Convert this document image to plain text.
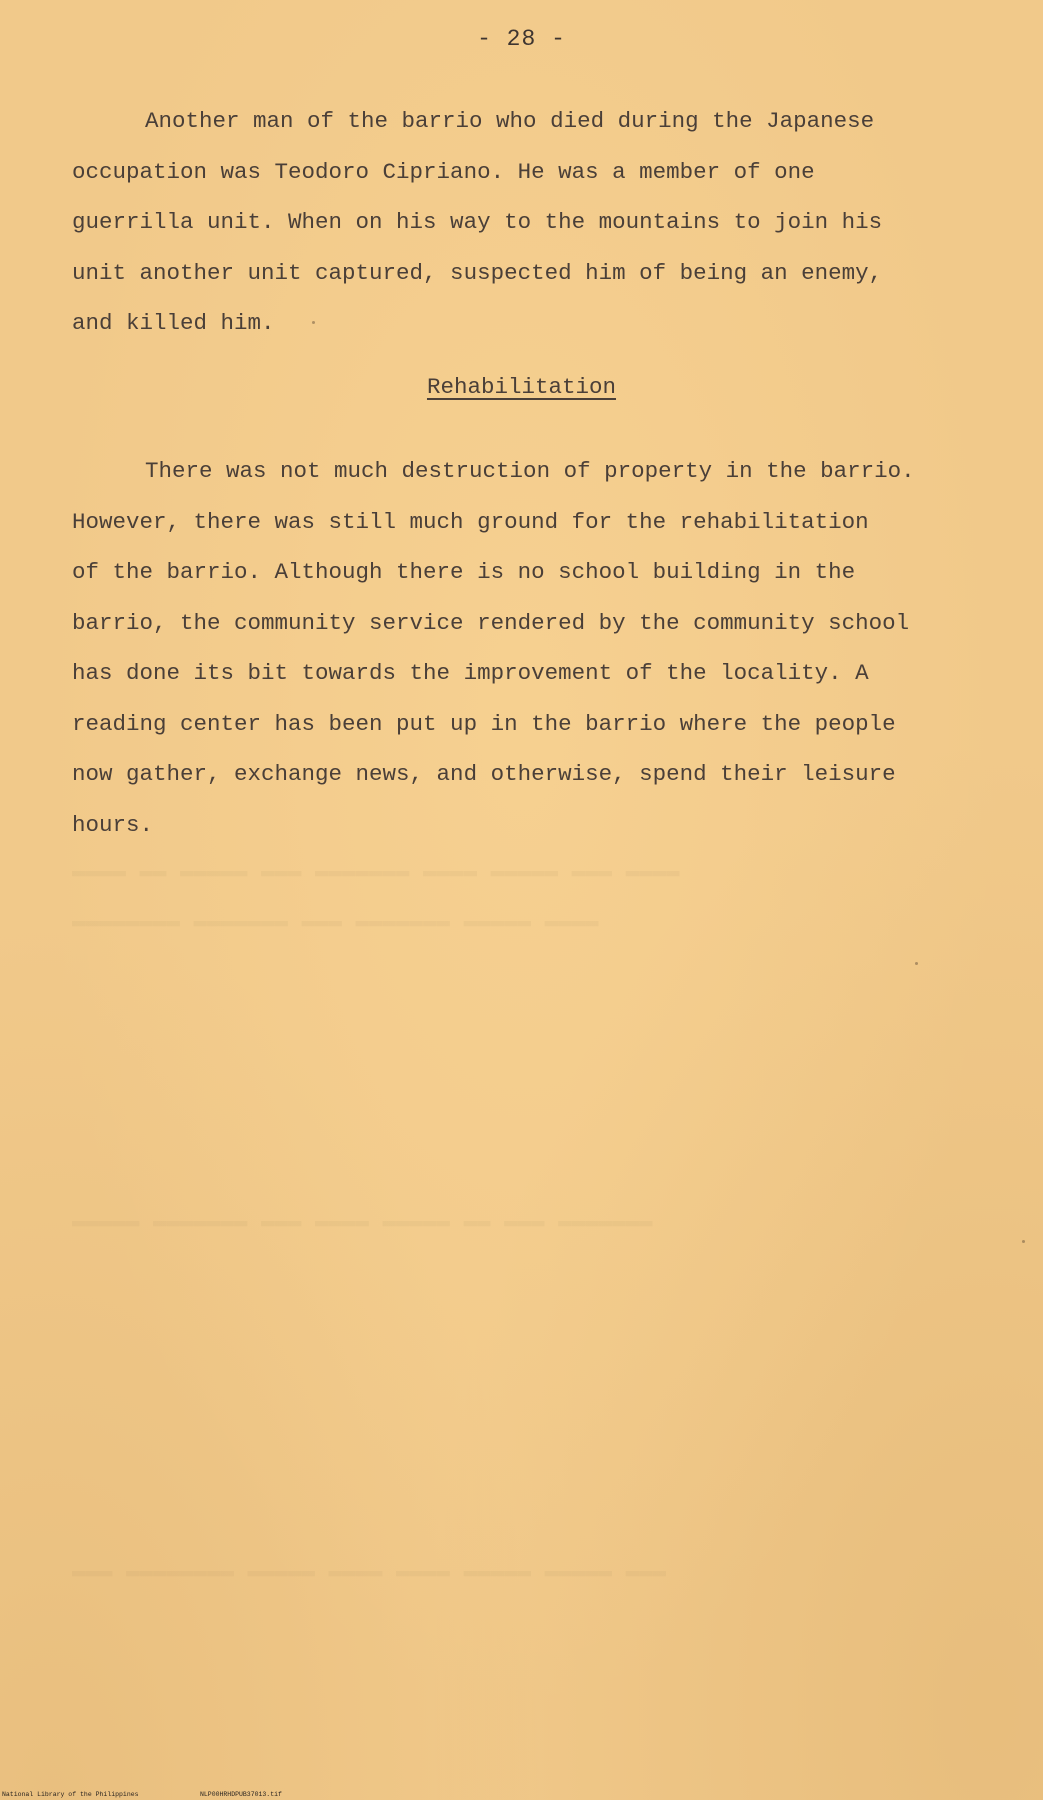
▬▬▬▬ ▬▬ ▬▬▬▬▬ ▬▬▬ ▬▬▬▬▬▬▬ ▬▬▬▬ ▬▬▬▬▬ ▬▬▬ ▬▬▬▬
▬▬▬▬▬▬▬▬ ▬▬▬▬▬▬▬ ▬▬▬ ▬▬▬▬▬▬▬ ▬▬▬▬▬ ▬▬▬▬
▬▬▬▬▬ ▬▬▬▬▬▬▬ ▬▬▬ ▬▬▬▬ ▬▬▬▬▬ ▬▬ ▬▬▬ ▬▬▬▬▬▬▬
▬▬▬ ▬▬▬▬▬▬▬▬ ▬▬▬▬▬ ▬▬▬▬ ▬▬▬▬ ▬▬▬▬▬ ▬▬▬▬▬ ▬▬▬
- 28 -
Another man of the barrio who died during the Japanese
occupation was Teodoro Cipriano. He was a member of one
guerrilla unit. When on his way to the mountains to join his
unit another unit captured, suspected him of being an enemy,
and killed him.
Rehabilitation
There was not much destruction of property in the barrio.
However, there was still much ground for the rehabilitation
of the barrio. Although there is no school building in the
barrio, the community service rendered by the community school
has done its bit towards the improvement of the locality. A
reading center has been put up in the barrio where the people
now gather, exchange news, and otherwise, spend their leisure
hours.
National Library of the Philippines	NLP00HRHDPUB37013.tif
